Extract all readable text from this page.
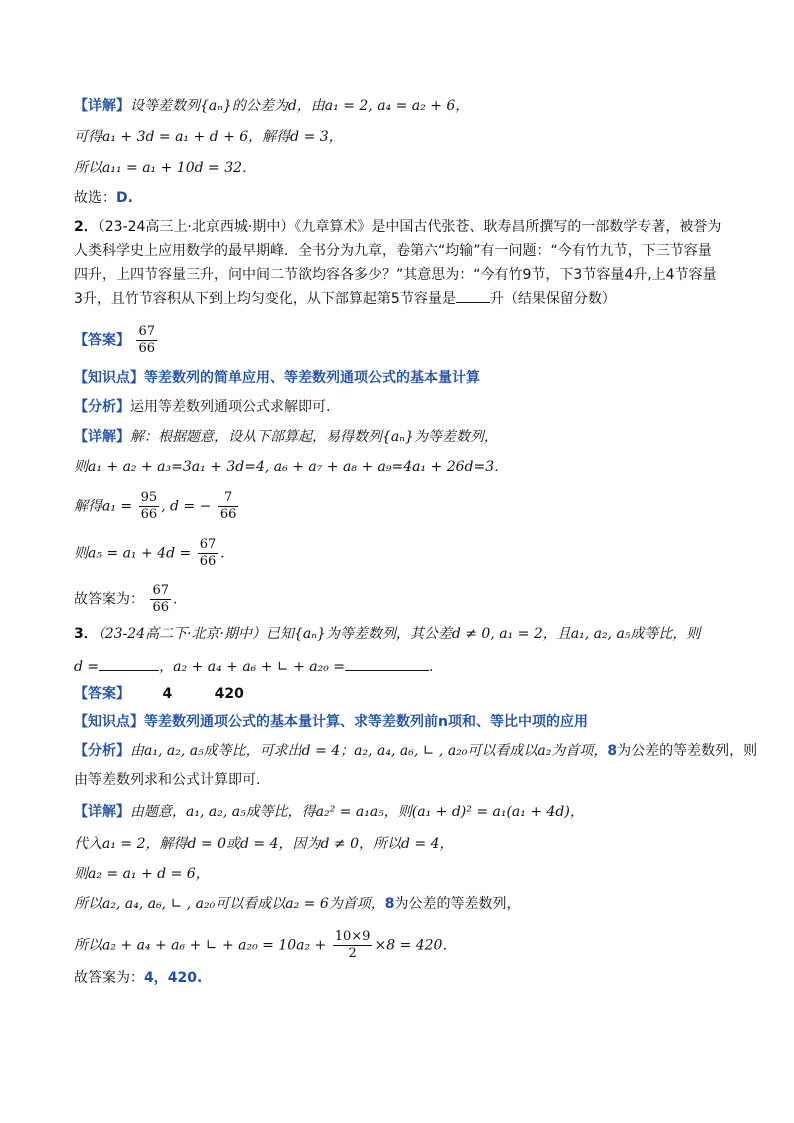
【详解】设等差数列{aₙ}的公差为d，由a₁ = 2, a₄ = a₂ + 6，
可得a₁ + 3d = a₁ + d + 6，解得d = 3，
所以a₁₁ = a₁ + 10d = 32．
故选：D.
2．（23-24高三上·北京西城·期中）《九章算术》是中国古代张苍、耿寿昌所撰写的一部数学专著，被誉为人类科学史上应用数学的最早期峰．全书分为九章，卷第六“均输”有一问题：“今有竹九节，下三节容量四升，上四节容量三升，问中间二节欲均容各多少？”其意思为：“今有竹9节，下3节容量4升,上4节容量3升，且竹节容积从下到上均匀变化，从下部算起第5节容量是 升（结果保留分数）
【答案】 $\frac{67}{66}$
【知识点】等差数列的简单应用、等差数列通项公式的基本量计算
【分析】运用等差数列通项公式求解即可.
【详解】解：根据题意，设从下部算起，易得数列{aₙ}为等差数列，
则a₁ + a₂ + a₃=3a₁ + 3d=4, a₆ + a₇ + a₈ + a₉=4a₁ + 26d=3．
解得$a_1 = \frac{95}{66}$ , d = − $\frac{7}{66}$
则$a_5 = a_1 + 4d = \frac{67}{66}$ ．
故答案为： $\frac{67}{66}$ .
3．（23-24高二下·北京·期中）已知{aₙ}为等差数列，其公差d ≠ 0, a₁ = 2，且a₁, a₂, a₅成等比，则
d =	，a₂ + a₄ + a₆ + ∟ + a₂₀ =	.
【答案】 4	420
【知识点】等差数列通项公式的基本量计算、求等差数列前n项和、等比中项的应用
【分析】由a₁, a₂, a₅成等比，可求出d = 4；a₂, a₄, a₆, ∟ , a₂₀可以看成以a₂为首项，8为公差的等差数列，则
由等差数列求和公式计算即可.
【详解】由题意，a₁, a₂, a₅成等比，得a₂² = a₁a₅，则(a₁ + d)² = a₁(a₁ + 4d)，
代入a₁ = 2，解得d = 0或d = 4，因为d ≠ 0，所以d = 4，
则a₂ = a₁ + d = 6，
所以a₂, a₄, a₆, ∟ , a₂₀可以看成以a₂ = 6为首项，8为公差的等差数列，
所以a₂ + a₄ + a₆ + ∟ + $a_{20} = 10a_2 + \frac{10\times 9}{2} \times 8 = 420$．
故答案为：4，420.
